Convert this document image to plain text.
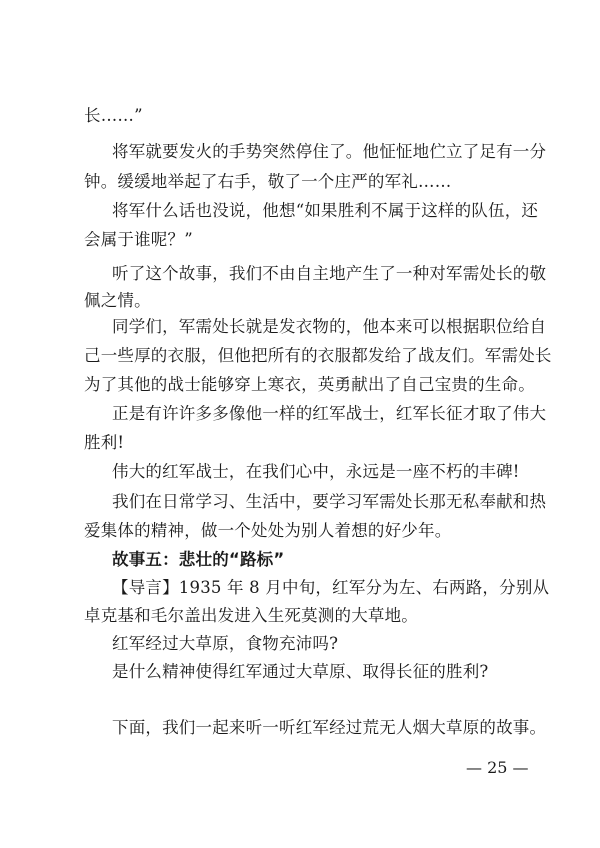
长……”
将军就要发火的手势突然停住了。他怔怔地伫立了足有一分
钟。缓缓地举起了右手，敬了一个庄严的军礼……
将军什么话也没说，他想“如果胜利不属于这样的队伍，还
会属于谁呢？”
听了这个故事，我们不由自主地产生了一种对军需处长的敬
佩之情。
同学们，军需处长就是发衣物的，他本来可以根据职位给自
己一些厚的衣服，但他把所有的衣服都发给了战友们。军需处长
为了其他的战士能够穿上寒衣，英勇献出了自己宝贵的生命。
正是有许许多多像他一样的红军战士，红军长征才取了伟大
胜利!
伟大的红军战士，在我们心中，永远是一座不朽的丰碑!
我们在日常学习、生活中，要学习军需处长那无私奉献和热
爱集体的精神，做一个处处为别人着想的好少年。
故事五：悲壮的“路标”
【导言】1935 年 8 月中旬，红军分为左、右两路，分别从
卓克基和毛尔盖出发进入生死莫测的大草地。
红军经过大草原，食物充沛吗?
是什么精神使得红军通过大草原、取得长征的胜利?
下面，我们一起来听一听红军经过荒无人烟大草原的故事。
— 25 —
